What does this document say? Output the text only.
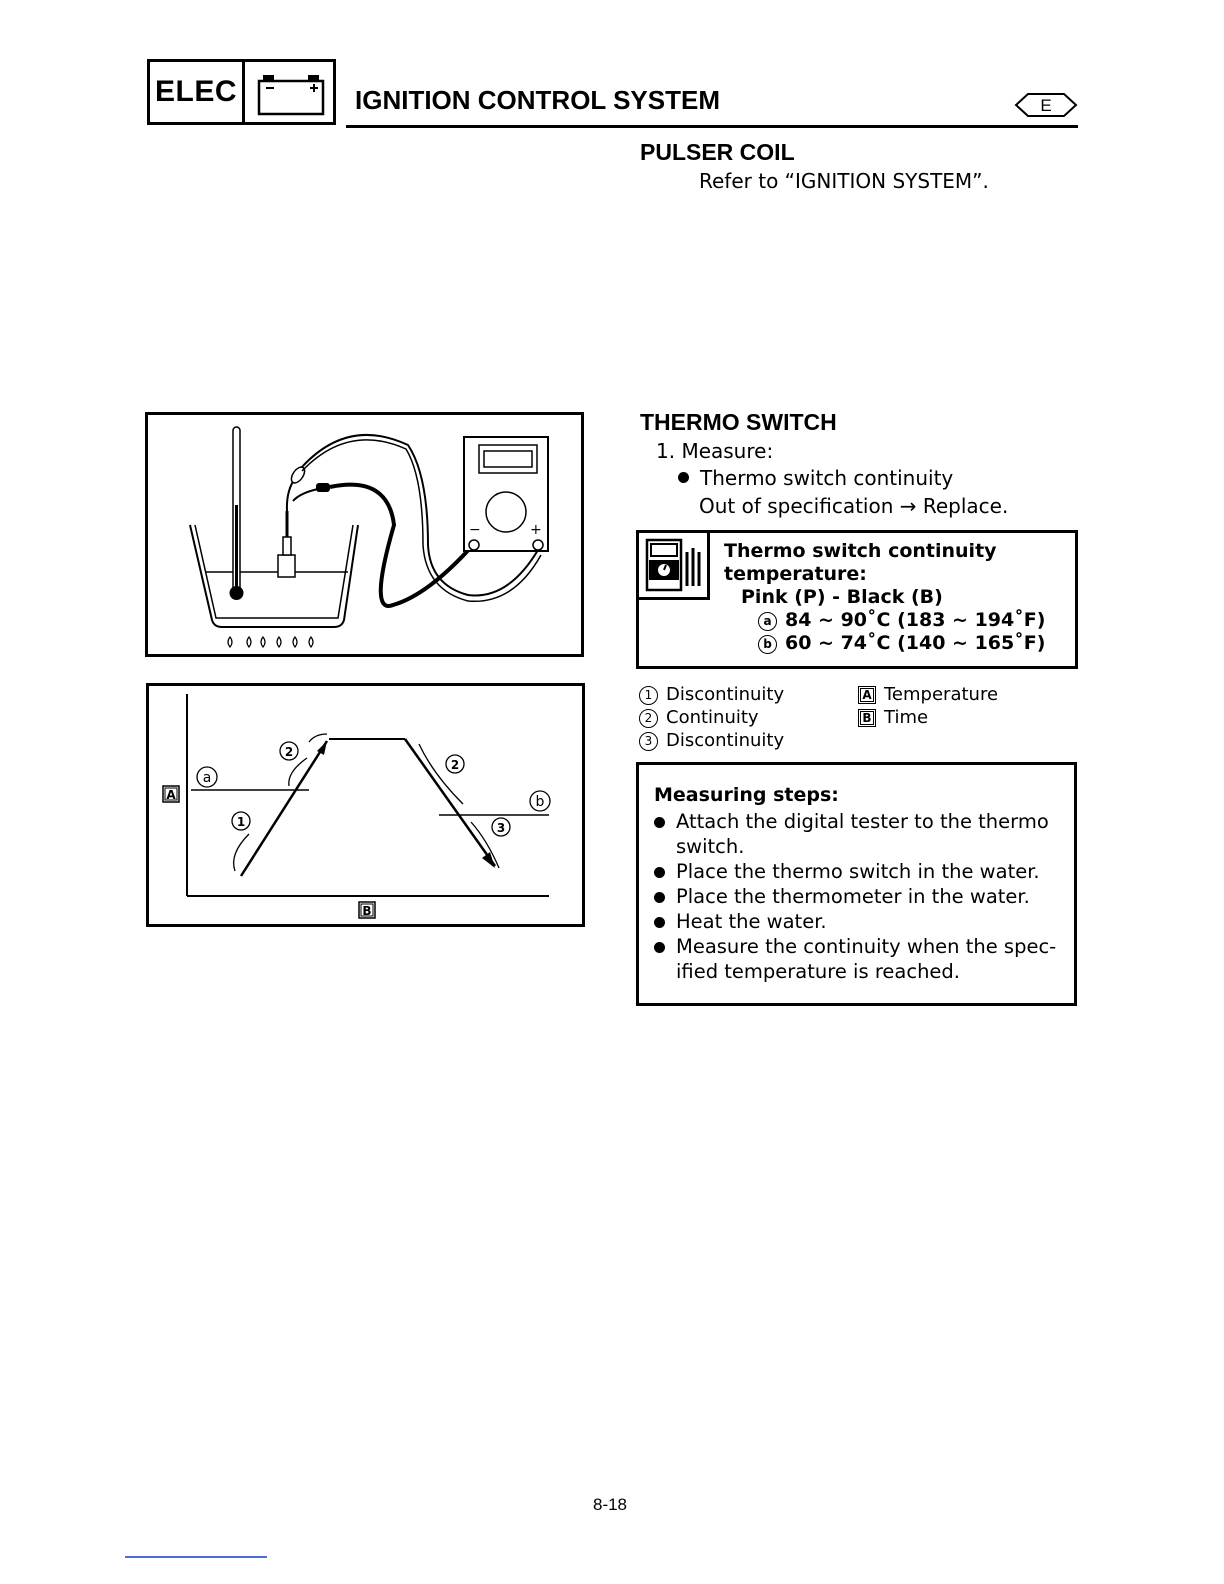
ELEC	IGNITION CONTROL SYSTEM	E
PULSER COIL
Refer to “IGNITION SYSTEM”.
THERMO SWITCH
1. Measure:
Thermo switch continuity
Out of specification → Replace.
Thermo switch continuity
temperature:
Pink (P) - Black (B)
a 84 ~ 90˚C (183 ~ 194˚F)
b 60 ~ 74˚C (140 ~ 165˚F)
1 Discontinuity
2 Continuity
3 Discontinuity
A Temperature
B Time
Measuring steps:
Attach the digital tester to the thermo
switch.
Place the thermo switch in the water.
Place the thermometer in the water.
Heat the water.
Measure the continuity when the spec-
ified temperature is reached.
−	+
A
B
a
b
1
2
2
3
8-18
